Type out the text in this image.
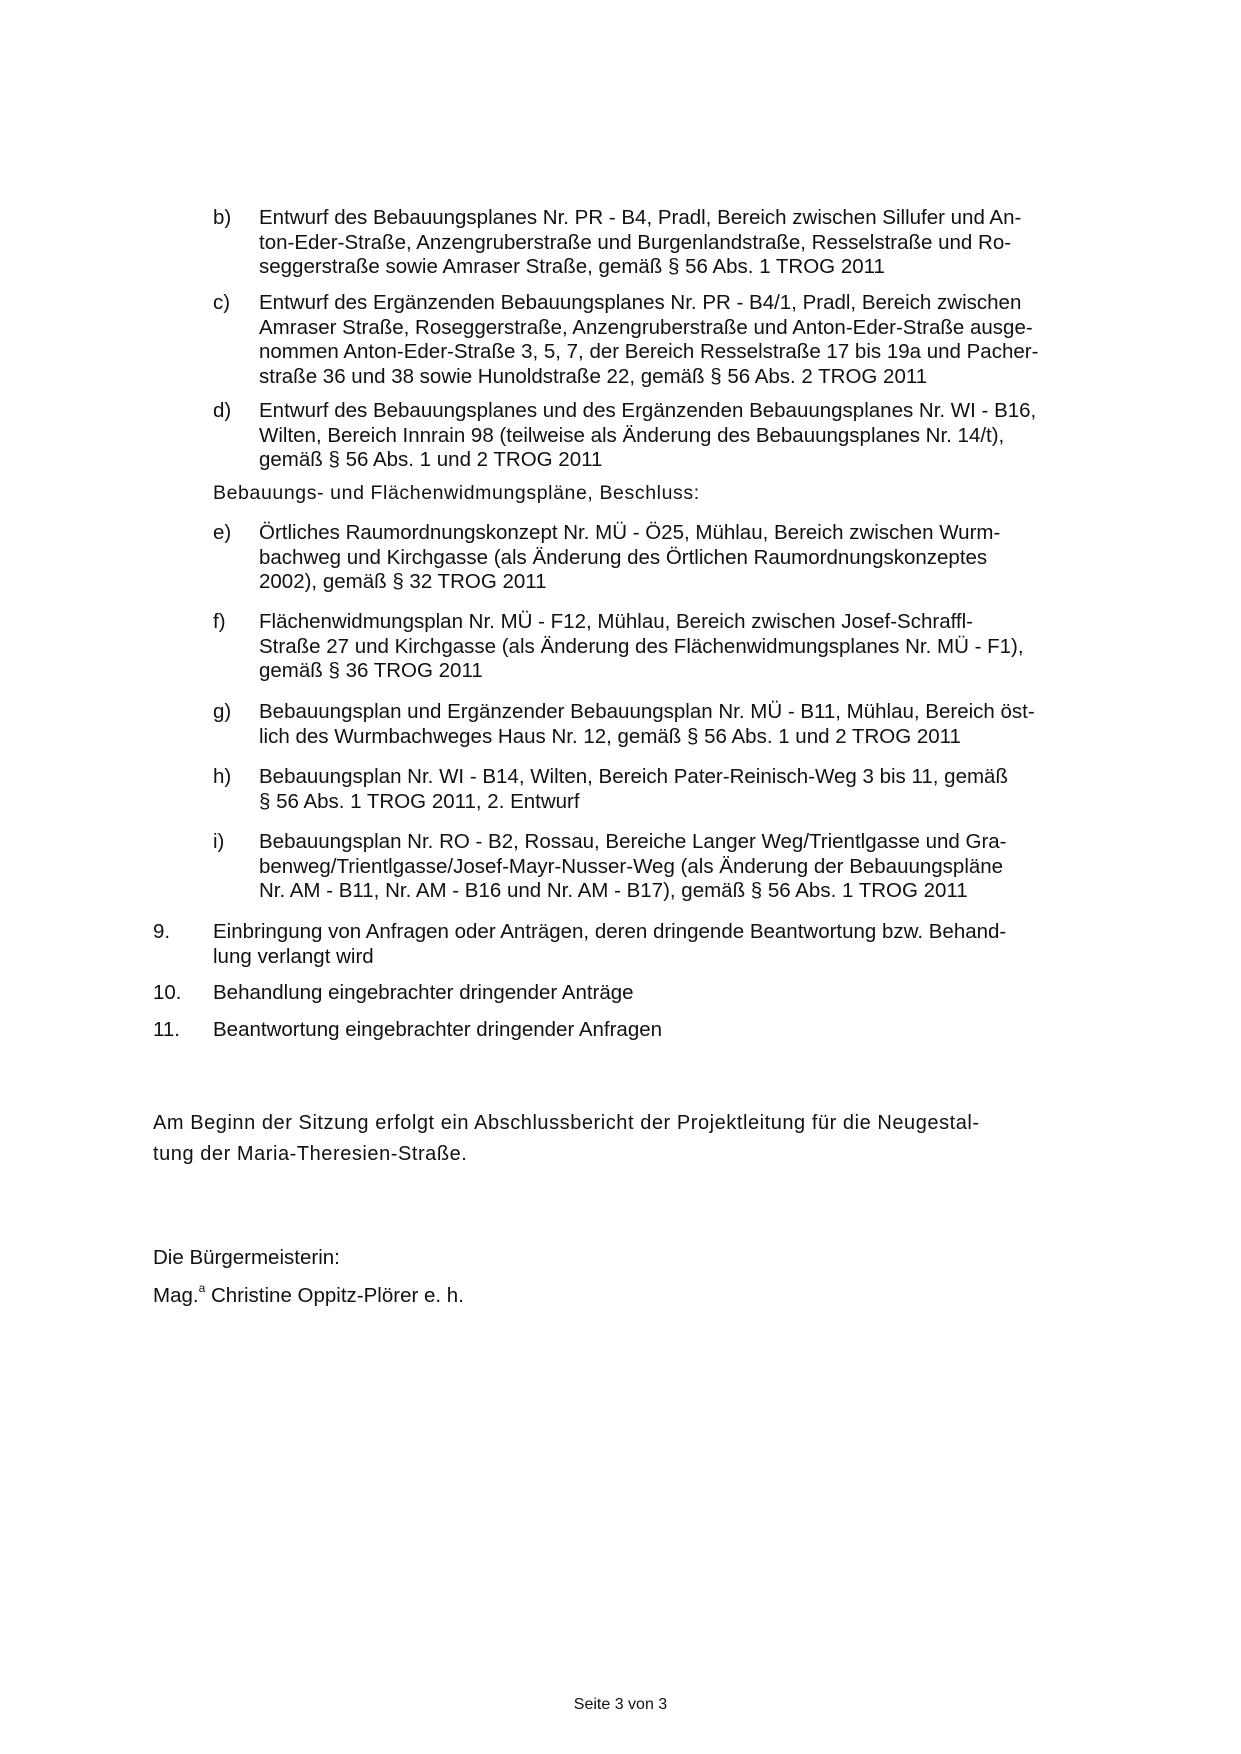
b) Entwurf des Bebauungsplanes Nr. PR - B4, Pradl, Bereich zwischen Sillufer und An-
ton-Eder-Straße, Anzengruberstraße und Burgenlandstraße, Resselstraße und Ro-
seggerstraße sowie Amraser Straße, gemäß § 56 Abs. 1 TROG 2011
c) Entwurf des Ergänzenden Bebauungsplanes Nr. PR - B4/1, Pradl, Bereich zwischen
Amraser Straße, Roseggerstraße, Anzengruberstraße und Anton-Eder-Straße ausge-
nommen Anton-Eder-Straße 3, 5, 7, der Bereich Resselstraße 17 bis 19a und Pacher-
straße 36 und 38 sowie Hunoldstraße 22, gemäß § 56 Abs. 2 TROG 2011
d) Entwurf des Bebauungsplanes und des Ergänzenden Bebauungsplanes Nr. WI - B16,
Wilten, Bereich Innrain 98 (teilweise als Änderung des Bebauungsplanes Nr. 14/t),
gemäß § 56 Abs. 1 und 2 TROG 2011
Bebauungs- und Flächenwidmungspläne, Beschluss:
e) Örtliches Raumordnungskonzept Nr. MÜ - Ö25, Mühlau, Bereich zwischen Wurm-
bachweg und Kirchgasse (als Änderung des Örtlichen Raumordnungskonzeptes
2002), gemäß § 32 TROG 2011
f) Flächenwidmungsplan Nr. MÜ - F12, Mühlau, Bereich zwischen Josef-Schraffl-
Straße 27 und Kirchgasse (als Änderung des Flächenwidmungsplanes Nr. MÜ - F1),
gemäß § 36 TROG 2011
g) Bebauungsplan und Ergänzender Bebauungsplan Nr. MÜ - B11, Mühlau, Bereich öst-
lich des Wurmbachweges Haus Nr. 12, gemäß § 56 Abs. 1 und 2 TROG 2011
h) Bebauungsplan Nr. WI - B14, Wilten, Bereich Pater-Reinisch-Weg 3 bis 11, gemäß
§ 56 Abs. 1 TROG 2011, 2. Entwurf
i) Bebauungsplan Nr. RO - B2, Rossau, Bereiche Langer Weg/Trientlgasse und Gra-
benweg/Trientlgasse/Josef-Mayr-Nusser-Weg (als Änderung der Bebauungspläne
Nr. AM - B11, Nr. AM - B16 und Nr. AM - B17), gemäß § 56 Abs. 1 TROG 2011
9. Einbringung von Anfragen oder Anträgen, deren dringende Beantwortung bzw. Behand-
lung verlangt wird
10. Behandlung eingebrachter dringender Anträge
11. Beantwortung eingebrachter dringender Anfragen
Am Beginn der Sitzung erfolgt ein Abschlussbericht der Projektleitung für die Neugestal-
tung der Maria-Theresien-Straße.
Die Bürgermeisterin:
Mag.$^a$ Christine Oppitz-Plörer e. h.
Seite 3 von 3
